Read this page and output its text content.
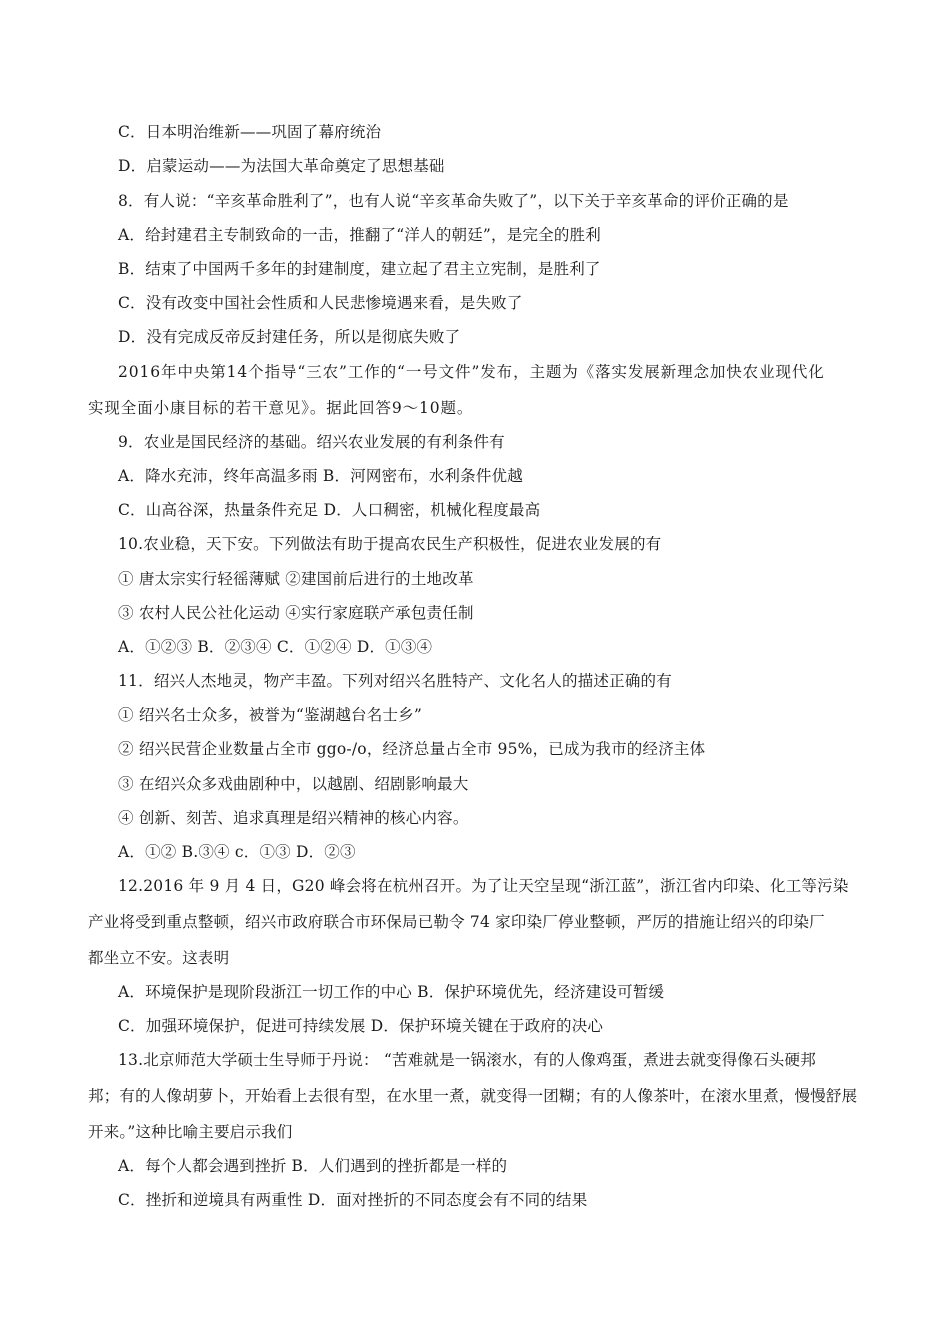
C．日本明治维新——巩固了幕府统治
D．启蒙运动——为法国大革命奠定了思想基础
8．有人说：“辛亥革命胜利了”，也有人说“辛亥革命失败了”，以下关于辛亥革命的评价正确的是
A．给封建君主专制致命的一击，推翻了“洋人的朝廷”，是完全的胜利
B．结束了中国两千多年的封建制度，建立起了君主立宪制，是胜利了
C．没有改变中国社会性质和人民悲惨境遇来看，是失败了
D．没有完成反帝反封建任务，所以是彻底失败了
2016年中央第14个指导“三农”工作的“一号文件”发布，主题为《落实发展新理念加快农业现代化
实现全面小康目标的若干意见》。据此回答9～10题。
9．农业是国民经济的基础。绍兴农业发展的有利条件有
A．降水充沛，终年高温多雨 B．河网密布，水利条件优越
C．山高谷深，热量条件充足 D．人口稠密，机械化程度最高
10.农业稳，天下安。下列做法有助于提高农民生产积极性，促进农业发展的有
① 唐太宗实行轻徭薄赋 ②建国前后进行的土地改革
③ 农村人民公社化运动 ④实行家庭联产承包责任制
A．①②③ B．②③④ C．①②④ D．①③④
11．绍兴人杰地灵，物产丰盈。下列对绍兴名胜特产、文化名人的描述正确的有
① 绍兴名士众多，被誉为“鉴湖越台名士乡”
② 绍兴民营企业数量占全市 ggo-/o，经济总量占全市 95%，已成为我市的经济主体
③ 在绍兴众多戏曲剧种中，以越剧、绍剧影响最大
④ 创新、刻苦、追求真理是绍兴精神的核心内容。
A．①② B.③④ c．①③ D．②③
12.2016 年 9 月 4 日，G20 峰会将在杭州召开。为了让天空呈现“浙江蓝”，浙江省内印染、化工等污染
产业将受到重点整顿，绍兴市政府联合市环保局已勒令 74 家印染厂停业整顿，严厉的措施让绍兴的印染厂
都坐立不安。这表明
A．环境保护是现阶段浙江一切工作的中心 B．保护环境优先，经济建设可暂缓
C．加强环境保护，促进可持续发展 D．保护环境关键在于政府的决心
13.北京师范大学硕士生导师于丹说： “苦难就是一锅滚水，有的人像鸡蛋，煮进去就变得像石头硬邦
邦；有的人像胡萝卜，开始看上去很有型，在水里一煮，就变得一团糊；有的人像茶叶，在滚水里煮，慢慢舒展
开来。”这种比喻主要启示我们
A．每个人都会遇到挫折 B．人们遇到的挫折都是一样的
C．挫折和逆境具有两重性 D．面对挫折的不同态度会有不同的结果
